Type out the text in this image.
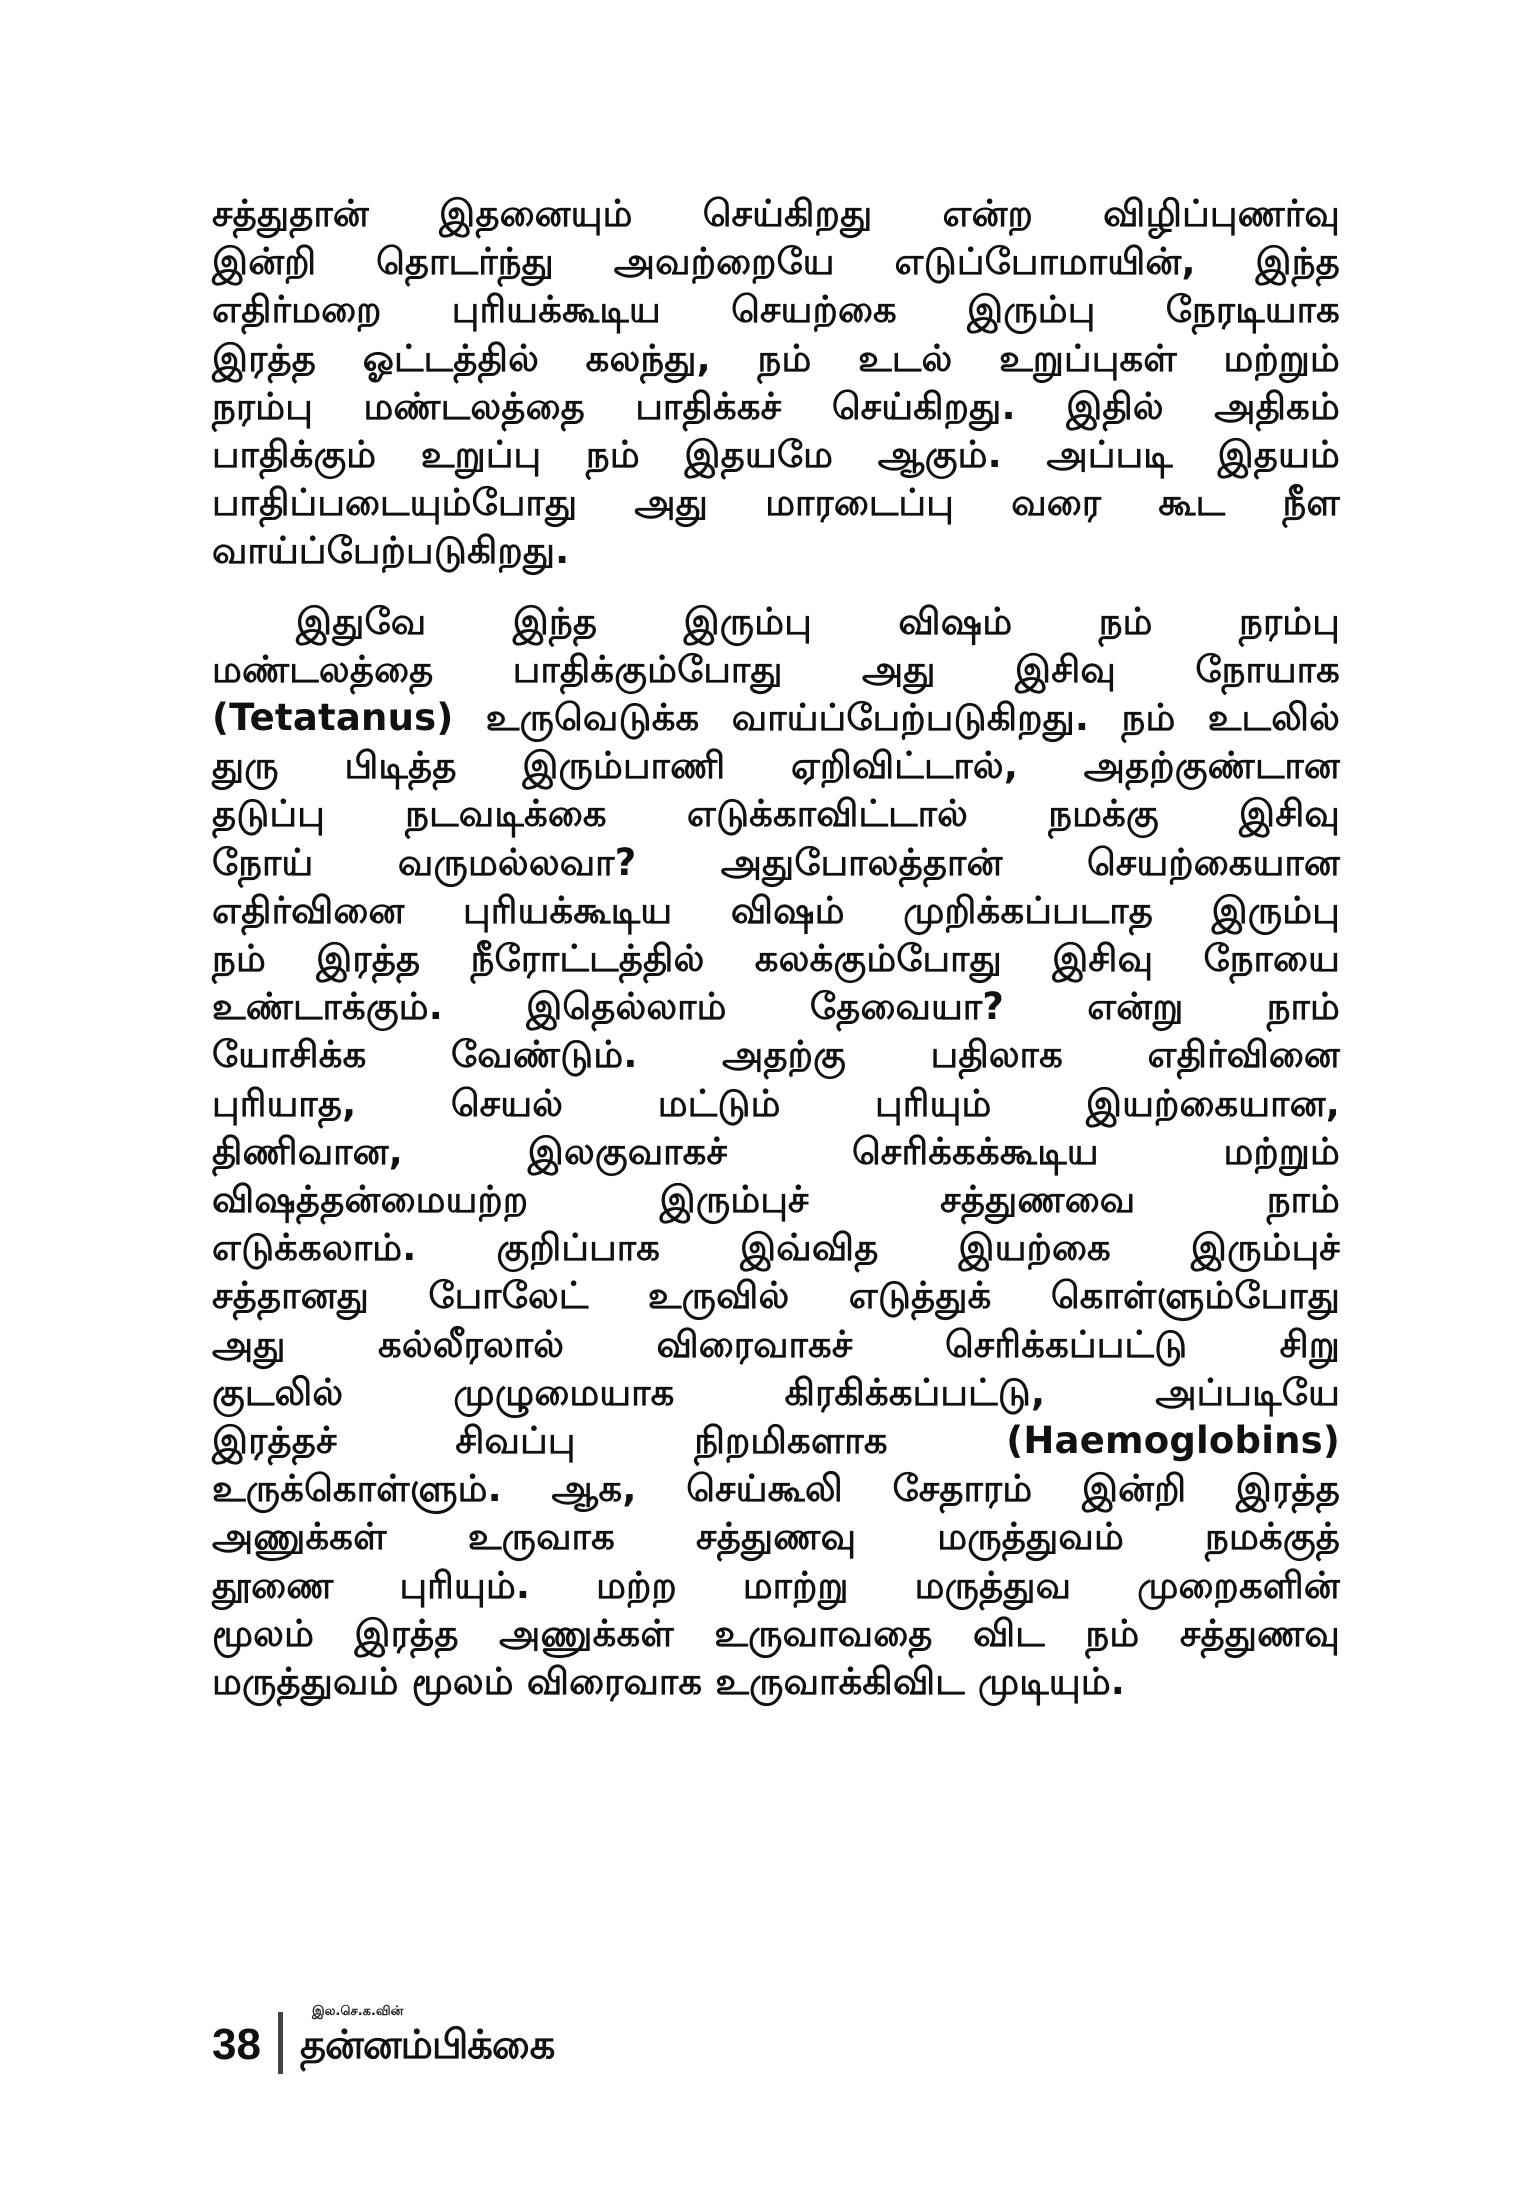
சத்துதான் இதனையும் செய்கிறது என்ற விழிப்புணர்வு
இன்றி தொடர்ந்து அவற்றையே எடுப்போமாயின், இந்த
எதிர்மறை புரியக்கூடிய செயற்கை இரும்பு நேரடியாக
இரத்த ஓட்டத்தில் கலந்து, நம் உடல் உறுப்புகள் மற்றும்
நரம்பு மண்டலத்தை பாதிக்கச் செய்கிறது. இதில் அதிகம்
பாதிக்கும் உறுப்பு நம் இதயமே ஆகும். அப்படி இதயம்
பாதிப்படையும்போது அது மாரடைப்பு வரை கூட நீள
வாய்ப்பேற்படுகிறது.

இதுவே இந்த இரும்பு விஷம் நம் நரம்பு
மண்டலத்தை பாதிக்கும்போது அது இசிவு நோயாக
(Tetatanus) உருவெடுக்க வாய்ப்பேற்படுகிறது. நம் உடலில்
துரு பிடித்த இரும்பாணி ஏறிவிட்டால், அதற்குண்டான
தடுப்பு நடவடிக்கை எடுக்காவிட்டால் நமக்கு இசிவு
நோய் வருமல்லவா? அதுபோலத்தான் செயற்கையான
எதிர்வினை புரியக்கூடிய விஷம் முறிக்கப்படாத இரும்பு
நம் இரத்த நீரோட்டத்தில் கலக்கும்போது இசிவு நோயை
உண்டாக்கும். இதெல்லாம் தேவையா? என்று நாம்
யோசிக்க வேண்டும். அதற்கு பதிலாக எதிர்வினை
புரியாத, செயல் மட்டும் புரியும் இயற்கையான,
திணிவான, இலகுவாகச் செரிக்கக்கூடிய மற்றும்
விஷத்தன்மையற்ற இரும்புச் சத்துணவை நாம்
எடுக்கலாம். குறிப்பாக இவ்வித இயற்கை இரும்புச்
சத்தானது போலேட் உருவில் எடுத்துக் கொள்ளும்போது
அது கல்லீரலால் விரைவாகச் செரிக்கப்பட்டு சிறு
குடலில் முழுமையாக கிரகிக்கப்பட்டு, அப்படியே
இரத்தச் சிவப்பு நிறமிகளாக (Haemoglobins)
உருக்கொள்ளும். ஆக, செய்கூலி சேதாரம் இன்றி இரத்த
அணுக்கள் உருவாக சத்துணவு மருத்துவம் நமக்குத்
தூணை புரியும். மற்ற மாற்று மருத்துவ முறைகளின்
மூலம் இரத்த அணுக்கள் உருவாவதை விட நம் சத்துணவு
மருத்துவம் மூலம் விரைவாக உருவாக்கிவிட முடியும்.

38
இல.செ.க.வின்
தன்னம்பிக்கை
